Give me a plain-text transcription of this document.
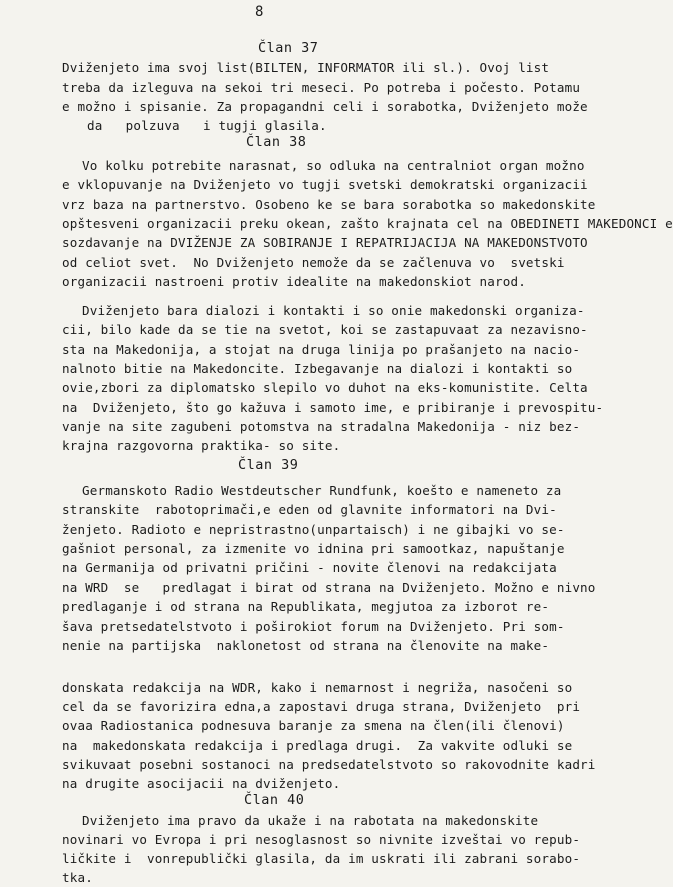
8
Član 37
Član 38
Član 39
Član 40
Dviženjeto ima svoj list(BILTEN, INFORMATOR ili sl.). Ovoj list
treba da izleguva na sekoi tri meseci. Po potreba i počesto. Potamu
e možno i spisanie. Za propagandni celi i sorabotka, Dviženjeto može
da   polzuva   i tugji glasila.
Vo kolku potrebite narasnat, so odluka na centralniot organ možno
e vklopuvanje na Dviženjeto vo tugji svetski demokratski organizacii
vrz baza na partnerstvo. Osobeno ke se bara sorabotka so makedonskite
opštesveni organizacii preku okean, zašto krajnata cel na OBEDINETI MAKEDONCI e
sozdavanje na DVIŽENJE ZA SOBIRANJE I REPATRIJACIJA NA MAKEDONSTVOTO
od celiot svet.  No Dviženjeto nemože da se začlenuva vo  svetski
organizacii nastroeni protiv idealite na makedonskiot narod.
Dviženjeto bara dialozi i kontakti i so onie makedonski organiza-
cii, bilo kade da se tie na svetot, koi se zastapuvaat za nezavisno-
sta na Makedonija, a stojat na druga linija po prašanjeto na nacio-
nalnoto bitie na Makedoncite. Izbegavanje na dialozi i kontakti so
ovie,zbori za diplomatsko slepilo vo duhot na eks-komunistite. Celta
na  Dviženjeto, što go kažuva i samoto ime, e pribiranje i prevospitu-
vanje na site zagubeni potomstva na stradalna Makedonija - niz bez-
krajna razgovorna praktika- so site.
Germanskoto Radio Westdeutscher Rundfunk, koešto e nameneto za
stranskite  rabotoprimači,e eden od glavnite informatori na Dvi-
ženjeto. Radioto e nepristrastno(unpartaisch) i ne gibajki vo se-
gašniot personal, za izmenite vo idnina pri samootkaz, napuštanje
na Germanija od privatni pričini - novite členovi na redakcijata
na WRD  se   predlagat i birat od strana na Dviženjeto. Možno e nivno
predlaganje i od strana na Republikata, megjutoa za izborot re-
šava pretsedatelstvoto i poširokiot forum na Dviženjeto. Pri som-
nenie na partijska  naklonetost od strana na členovite na make-
donskata redakcija na WDR, kako i nemarnost i negriža, nasočeni so
cel da se favorizira edna,a zapostavi druga strana, Dviženjeto  pri
ovaa Radiostanica podnesuva baranje za smena na člen(ili členovi)
na  makedonskata redakcija i predlaga drugi.  Za vakvite odluki se
svikuvaat posebni sostanoci na predsedatelstvoto so rakovodnite kadri
na drugite asocijacii na dviženjeto.
Dviženjeto ima pravo da ukaže i na rabotata na makedonskite
novinari vo Evropa i pri nesoglasnost so nivnite izveštai vo repub-
ličkite i  vonrepublički glasila, da im uskrati ili zabrani sorabo-
tka.
